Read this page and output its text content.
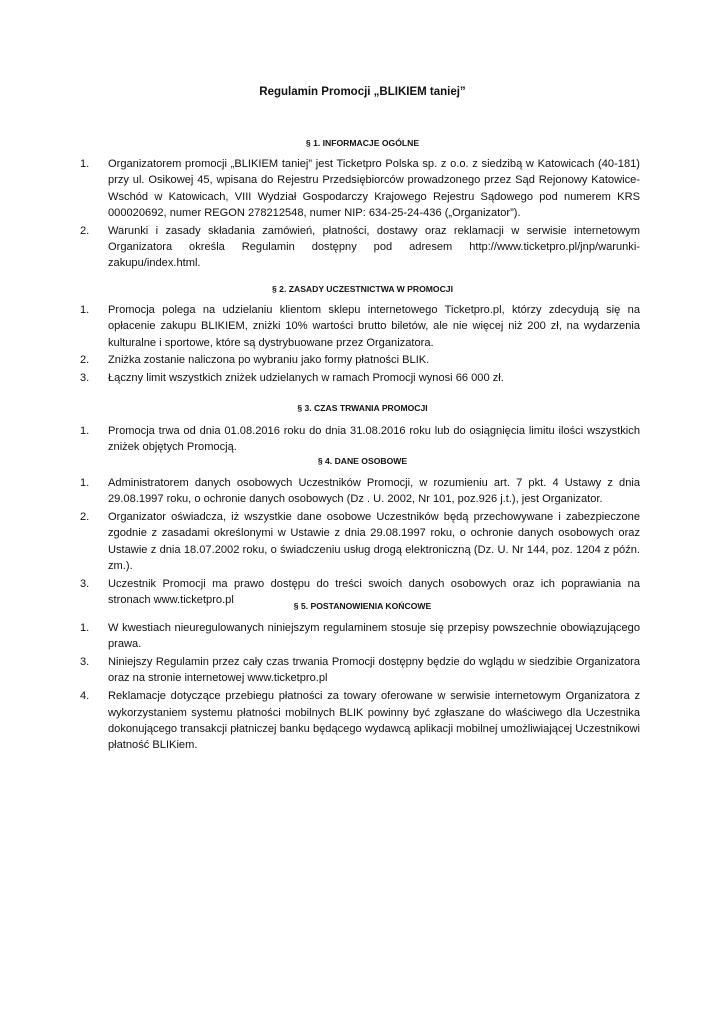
Regulamin Promocji „BLIKIEM taniej”
§ 1. INFORMACJE OGÓLNE
1. Organizatorem promocji „BLIKIEM taniej” jest Ticketpro Polska sp. z o.o. z siedzibą w Katowicach (40-181) przy ul. Osikowej 45, wpisana do Rejestru Przedsiębiorców prowadzonego przez Sąd Rejonowy Katowice-Wschód w Katowicach, VIII Wydział Gospodarczy Krajowego Rejestru Sądowego pod numerem KRS 000020692, numer REGON 278212548, numer NIP: 634-25-24-436 („Organizator”).
2. Warunki i zasady składania zamówień, płatności, dostawy oraz reklamacji w serwisie internetowym Organizatora określa Regulamin dostępny pod adresem http://www.ticketpro.pl/jnp/warunki-zakupu/index.html.
§ 2. ZASADY UCZESTNICTWA W PROMOCJI
1. Promocja polega na udzielaniu klientom sklepu internetowego Ticketpro.pl, którzy zdecydują się na opłacenie zakupu BLIKIEM, zniżki 10% wartości brutto biletów, ale nie więcej niż 200 zł, na wydarzenia kulturalne i sportowe, które są dystrybuowane przez Organizatora.
2. Zniżka zostanie naliczona po wybraniu jako formy płatności BLIK.
3. Łączny limit wszystkich zniżek udzielanych w ramach Promocji wynosi 66 000 zł.
§ 3. CZAS TRWANIA PROMOCJI
1. Promocja trwa od dnia 01.08.2016 roku do dnia 31.08.2016 roku lub do osiągnięcia limitu ilości wszystkich zniżek objętych Promocją.
§ 4. DANE OSOBOWE
1. Administratorem danych osobowych Uczestników Promocji, w rozumieniu art. 7 pkt. 4 Ustawy z dnia 29.08.1997 roku, o ochronie danych osobowych (Dz . U. 2002, Nr 101, poz.926 j.t.), jest Organizator.
2. Organizator oświadcza, iż wszystkie dane osobowe Uczestników będą przechowywane i zabezpieczone zgodnie z zasadami określonymi w Ustawie z dnia 29.08.1997 roku, o ochronie danych osobowych oraz Ustawie z dnia 18.07.2002 roku, o świadczeniu usług drogą elektroniczną (Dz. U. Nr 144, poz. 1204 z późn. zm.).
3. Uczestnik Promocji ma prawo dostępu do treści swoich danych osobowych oraz ich poprawiania na stronach www.ticketpro.pl	§ 5. POSTANOWIENIA KOŃCOWE
1. W kwestiach nieuregulowanych niniejszym regulaminem stosuje się przepisy powszechnie obowiązującego prawa.
3. Niniejszy Regulamin przez cały czas trwania Promocji dostępny będzie do wglądu w siedzibie Organizatora oraz na stronie internetowej www.ticketpro.pl
4. Reklamacje dotyczące przebiegu płatności za towary oferowane w serwisie internetowym Organizatora z wykorzystaniem systemu płatności mobilnych BLIK powinny być zgłaszane do właściwego dla Uczestnika dokonującego transakcji płatniczej banku będącego wydawcą aplikacji mobilnej umożliwiającej Uczestnikowi płatność BLIKiem.
